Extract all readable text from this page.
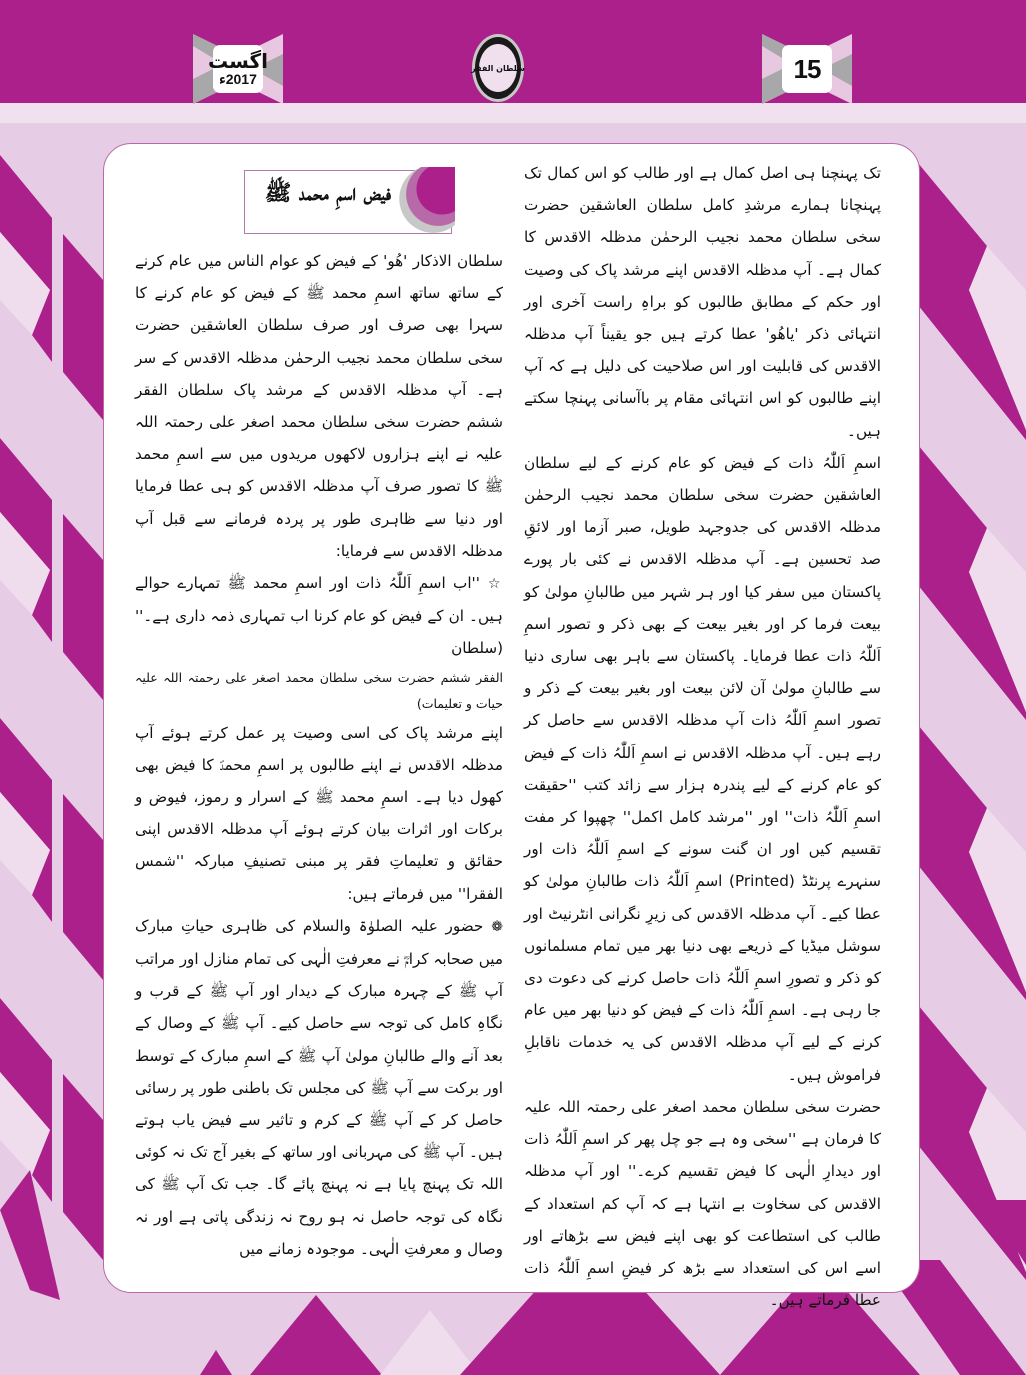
اگست
2017ء
سلطان الفقر	15

تک پہنچنا ہی اصل کمال ہے اور طالب کو اس کمال تک پہنچانا ہمارے مرشدِ کامل سلطان العاشقین حضرت سخی سلطان محمد نجیب الرحمٰن مدظلہ الاقدس کا کمال ہے۔ آپ مدظلہ الاقدس اپنے مرشد پاک کی وصیت اور حکم کے مطابق طالبوں کو براہِ راست آخری اور انتہائی ذکر 'یاھُو' عطا کرتے ہیں جو یقیناً آپ مدظلہ الاقدس کی قابلیت اور اس صلاحیت کی دلیل ہے کہ آپ اپنے طالبوں کو اس انتہائی مقام پر باآسانی پہنچا سکتے ہیں۔

اسمِ اَللّٰہُ ذات کے فیض کو عام کرنے کے لیے سلطان العاشقین حضرت سخی سلطان محمد نجیب الرحمٰن مدظلہ الاقدس کی جدوجہد طویل، صبر آزما اور لائقِ صد تحسین ہے۔ آپ مدظلہ الاقدس نے کئی بار پورے پاکستان میں سفر کیا اور ہر شہر میں طالبانِ مولیٰ کو بیعت فرما کر اور بغیر بیعت کے بھی ذکر و تصور اسمِ اَللّٰہُ ذات عطا فرمایا۔ پاکستان سے باہر بھی ساری دنیا سے طالبانِ مولیٰ آن لائن بیعت اور بغیر بیعت کے ذکر و تصور اسمِ اَللّٰہُ ذات آپ مدظلہ الاقدس سے حاصل کر رہے ہیں۔ آپ مدظلہ الاقدس نے اسمِ اَللّٰہُ ذات کے فیض کو عام کرنے کے لیے پندرہ ہزار سے زائد کتب ''حقیقت اسمِ اَللّٰہُ ذات'' اور ''مرشد کامل اکمل'' چھپوا کر مفت تقسیم کیں اور ان گنت سونے کے اسمِ اَللّٰہُ ذات اور سنہرے پرنٹڈ (Printed) اسمِ اَللّٰہُ ذات طالبانِ مولیٰ کو عطا کیے۔ آپ مدظلہ الاقدس کی زیرِ نگرانی انٹرنیٹ اور سوشل میڈیا کے ذریعے بھی دنیا بھر میں تمام مسلمانوں کو ذکر و تصورِ اسمِ اَللّٰہُ ذات حاصل کرنے کی دعوت دی جا رہی ہے۔ اسمِ اَللّٰہُ ذات کے فیض کو دنیا بھر میں عام کرنے کے لیے آپ مدظلہ الاقدس کی یہ خدمات ناقابلِ فراموش ہیں۔

حضرت سخی سلطان محمد اصغر علی رحمتہ اللہ علیہ کا فرمان ہے ''سخی وہ ہے جو چل پھر کر اسمِ اَللّٰہُ ذات اور دیدارِ الٰہی کا فیض تقسیم کرے۔'' اور آپ مدظلہ الاقدس کی سخاوت بے انتہا ہے کہ آپ کم استعداد کے طالب کی استطاعت کو بھی اپنے فیض سے بڑھاتے اور اسے اس کی استعداد سے بڑھ کر فیضِ اسمِ اَللّٰہُ ذات عطا فرماتے ہیں۔

فیض اسمِ محمد ﷺ

سلطان الاذکار 'ھُو' کے فیض کو عوام الناس میں عام کرنے کے ساتھ ساتھ اسمِ محمد ﷺ کے فیض کو عام کرنے کا سہرا بھی صرف اور صرف سلطان العاشقین حضرت سخی سلطان محمد نجیب الرحمٰن مدظلہ الاقدس کے سر ہے۔ آپ مدظلہ الاقدس کے مرشد پاک سلطان الفقر ششم حضرت سخی سلطان محمد اصغر علی رحمتہ اللہ علیہ نے اپنے ہزاروں لاکھوں مریدوں میں سے اسمِ محمد ﷺ کا تصور صرف آپ مدظلہ الاقدس کو ہی عطا فرمایا اور دنیا سے ظاہری طور پر پردہ فرمانے سے قبل آپ مدظلہ الاقدس سے فرمایا:

☆''اب اسمِ اَللّٰہُ ذات اور اسمِ محمد ﷺ تمہارے حوالے ہیں۔ ان کے فیض کو عام کرنا اب تمہاری ذمہ داری ہے۔'' (سلطان

الفقر ششم حضرت سخی سلطان محمد اصغر علی رحمتہ اللہ علیہ حیات و تعلیمات)

اپنے مرشد پاک کی اسی وصیت پر عمل کرتے ہوئے آپ مدظلہ الاقدس نے اپنے طالبوں پر اسمِ محمدؐ کا فیض بھی کھول دیا ہے۔ اسمِ محمد ﷺ کے اسرار و رموز، فیوض و برکات اور اثرات بیان کرتے ہوئے آپ مدظلہ الاقدس اپنی حقائق و تعلیماتِ فقر پر مبنی تصنیفِ مبارکہ ''شمس الفقرا'' میں فرماتے ہیں:

❁حضور علیہ الصلوٰۃ والسلام کی ظاہری حیاتِ مبارک میں صحابہ کرامؓ نے معرفتِ الٰہی کی تمام منازل اور مراتب آپ ﷺ کے چہرہ مبارک کے دیدار اور آپ ﷺ کے قرب و نگاہِ کامل کی توجہ سے حاصل کیے۔ آپ ﷺ کے وصال کے بعد آنے والے طالبانِ مولیٰ آپ ﷺ کے اسمِ مبارک کے توسط اور برکت سے آپ ﷺ کی مجلس تک باطنی طور پر رسائی حاصل کر کے آپ ﷺ کے کرم و تاثیر سے فیض یاب ہوتے ہیں۔ آپ ﷺ کی مہربانی اور ساتھ کے بغیر آج تک نہ کوئی اللہ تک پہنچ پایا ہے نہ پہنچ پائے گا۔ جب تک آپ ﷺ کی نگاہ کی توجہ حاصل نہ ہو روح نہ زندگی پاتی ہے اور نہ وصال و معرفتِ الٰہی۔ موجودہ زمانے میں
